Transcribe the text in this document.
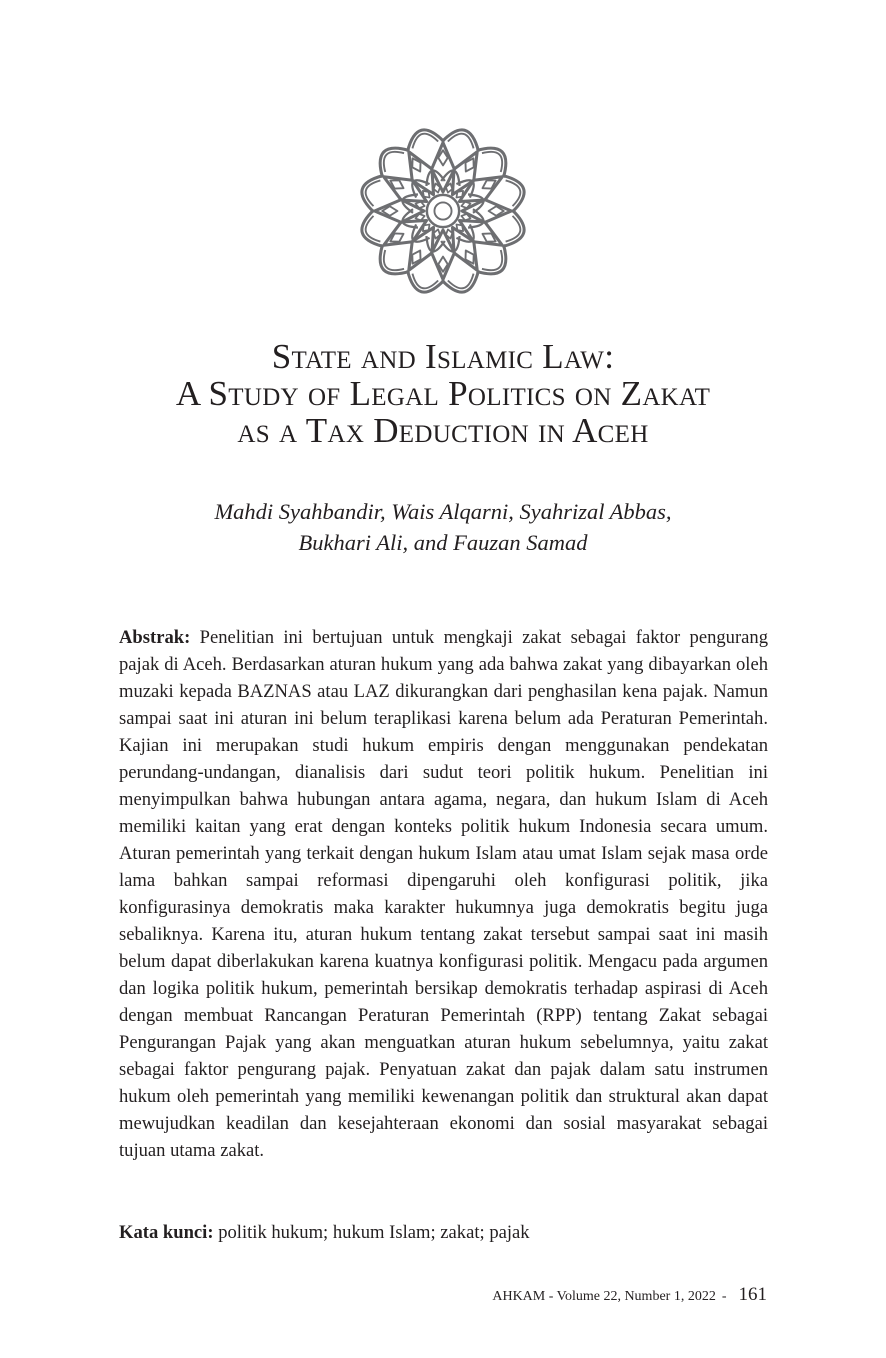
State and Islamic Law:
A Study of Legal Politics on Zakat
as a Tax Deduction in Aceh
Mahdi Syahbandir, Wais Alqarni, Syahrizal Abbas,
Bukhari Ali, and Fauzan Samad

Abstrak: Penelitian ini bertujuan untuk mengkaji zakat sebagai faktor pengurang pajak di Aceh. Berdasarkan aturan hukum yang ada bahwa zakat yang dibayarkan oleh muzaki kepada BAZNAS atau LAZ dikurangkan dari penghasilan kena pajak. Namun sampai saat ini aturan ini belum teraplikasi karena belum ada Peraturan Pemerintah. Kajian ini merupakan studi hukum empiris dengan menggunakan pendekatan perundang-undangan, dianalisis dari sudut teori politik hukum. Penelitian ini menyimpulkan bahwa hubungan antara agama, negara, dan hukum Islam di Aceh memiliki kaitan yang erat dengan konteks politik hukum Indonesia secara umum. Aturan pemerintah yang terkait dengan hukum Islam atau umat Islam sejak masa orde lama bahkan sampai reformasi dipengaruhi oleh konfigurasi politik, jika konfigurasinya demokratis maka karakter hukumnya juga demokratis begitu juga sebaliknya. Karena itu, aturan hukum tentang zakat tersebut sampai saat ini masih belum dapat diberlakukan karena kuatnya konfigurasi politik. Mengacu pada argumen dan logika politik hukum, pemerintah bersikap demokratis terhadap aspirasi di Aceh dengan membuat Rancangan Peraturan Pemerintah (RPP) tentang Zakat sebagai Pengurangan Pajak yang akan menguatkan aturan hukum sebelumnya, yaitu zakat sebagai faktor pengurang pajak. Penyatuan zakat dan pajak dalam satu instrumen hukum oleh pemerintah yang memiliki kewenangan politik dan struktural akan dapat mewujudkan keadilan dan kesejahteraan ekonomi dan sosial masyarakat sebagai tujuan utama zakat.

Kata kunci: politik hukum; hukum Islam; zakat; pajak
AHKAM - Volume 22, Number 1, 2022 - 161
